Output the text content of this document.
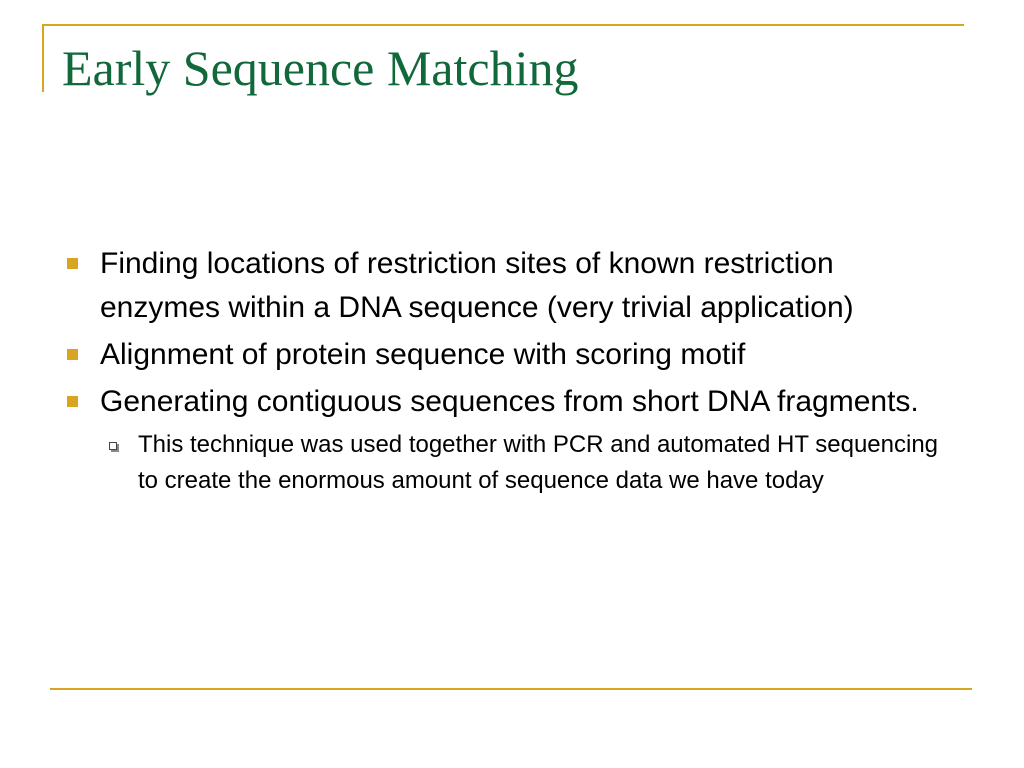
Early Sequence Matching
Finding locations of restriction sites of known restriction enzymes within a DNA sequence (very trivial application)
Alignment of protein sequence with scoring motif
Generating contiguous sequences from short DNA fragments.
This technique was used together with PCR and automated HT sequencing to create the enormous amount of sequence data we have today
